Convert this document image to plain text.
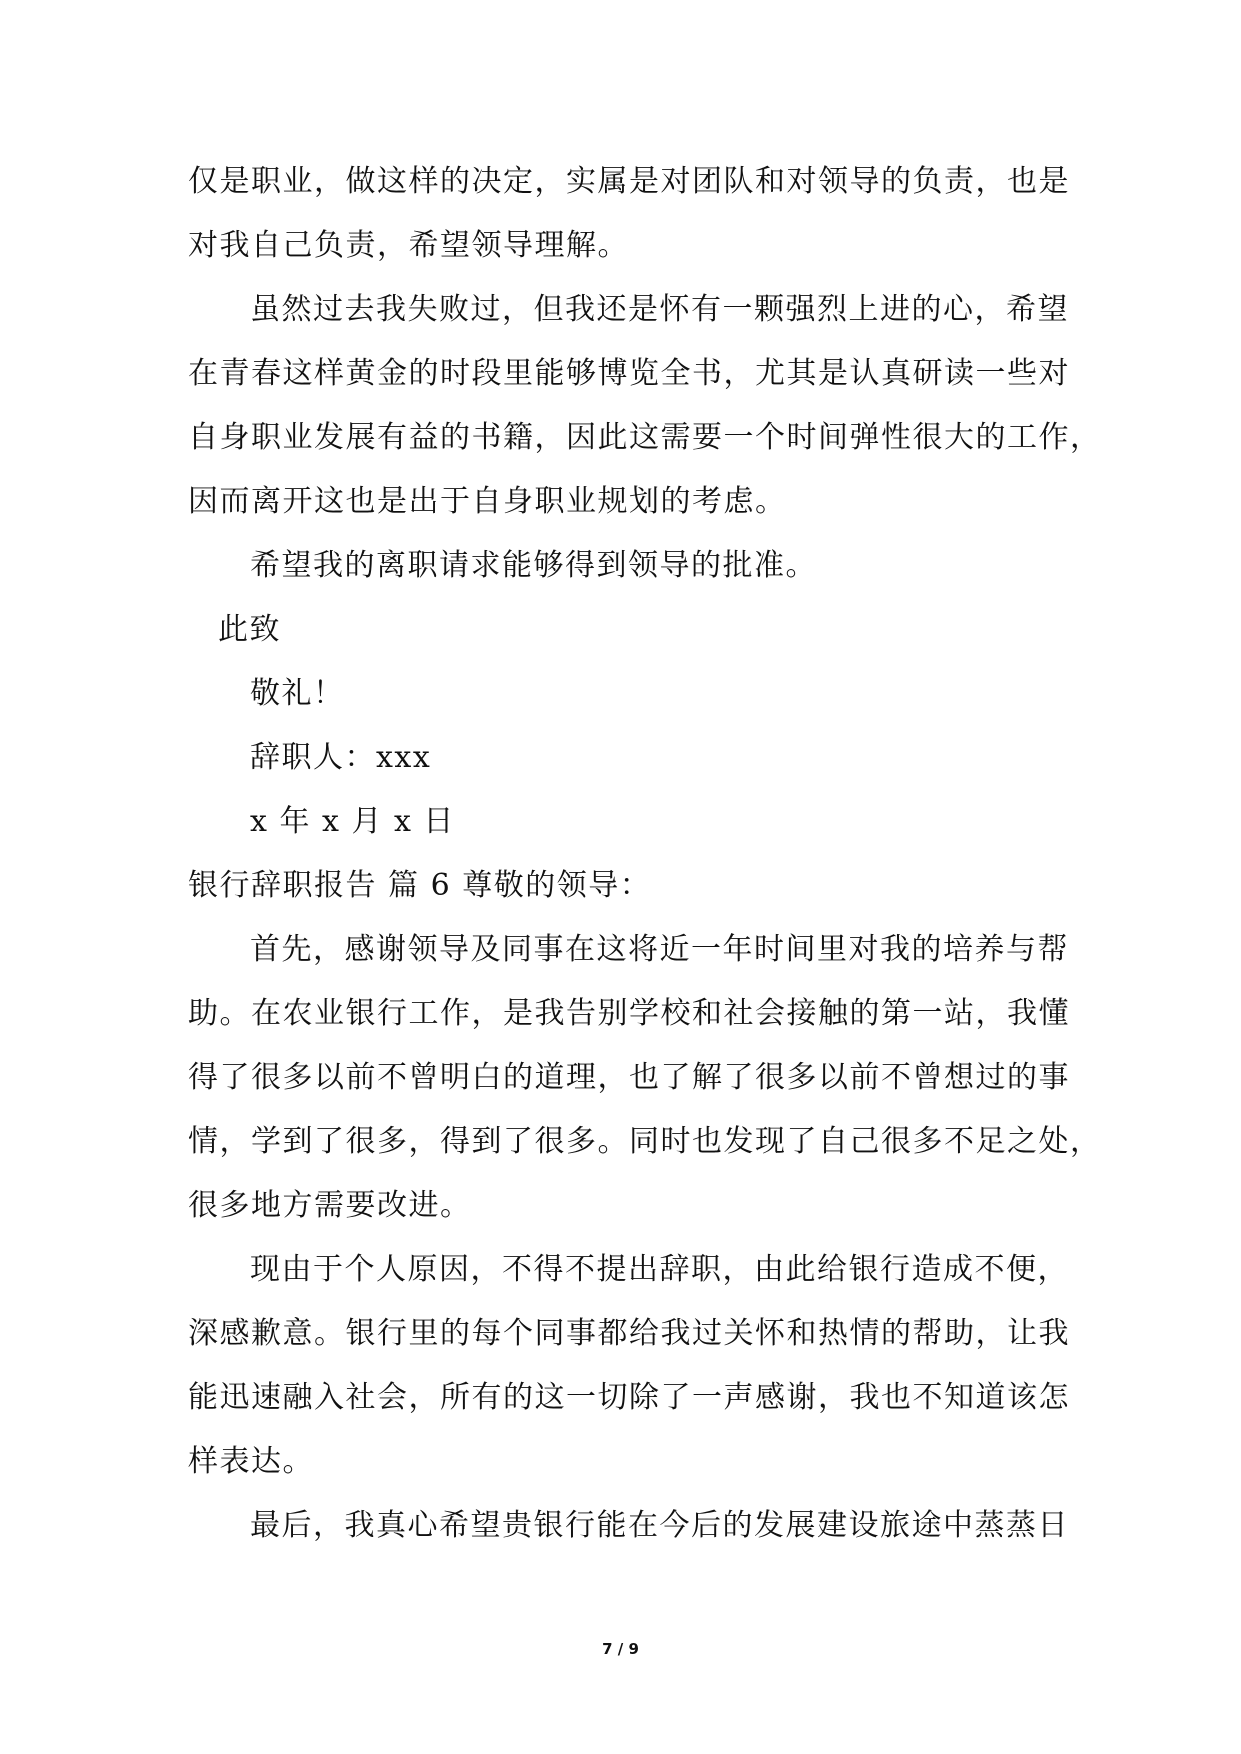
仅是职业，做这样的决定，实属是对团队和对领导的负责，也是
对我自己负责，希望领导理解。
虽然过去我失败过，但我还是怀有一颗强烈上进的心，希望
在青春这样黄金的时段里能够博览全书，尤其是认真研读一些对
自身职业发展有益的书籍，因此这需要一个时间弹性很大的工作，
因而离开这也是出于自身职业规划的考虑。
希望我的离职请求能够得到领导的批准。
此致
敬礼！
辞职人：xxx
x 年 x 月 x 日
银行辞职报告 篇 6 尊敬的领导：
首先，感谢领导及同事在这将近一年时间里对我的培养与帮
助。在农业银行工作，是我告别学校和社会接触的第一站，我懂
得了很多以前不曾明白的道理，也了解了很多以前不曾想过的事
情，学到了很多，得到了很多。同时也发现了自己很多不足之处，
很多地方需要改进。
现由于个人原因，不得不提出辞职，由此给银行造成不便，
深感歉意。银行里的每个同事都给我过关怀和热情的帮助，让我
能迅速融入社会，所有的这一切除了一声感谢，我也不知道该怎
样表达。
最后，我真心希望贵银行能在今后的发展建设旅途中蒸蒸日
7 / 9
